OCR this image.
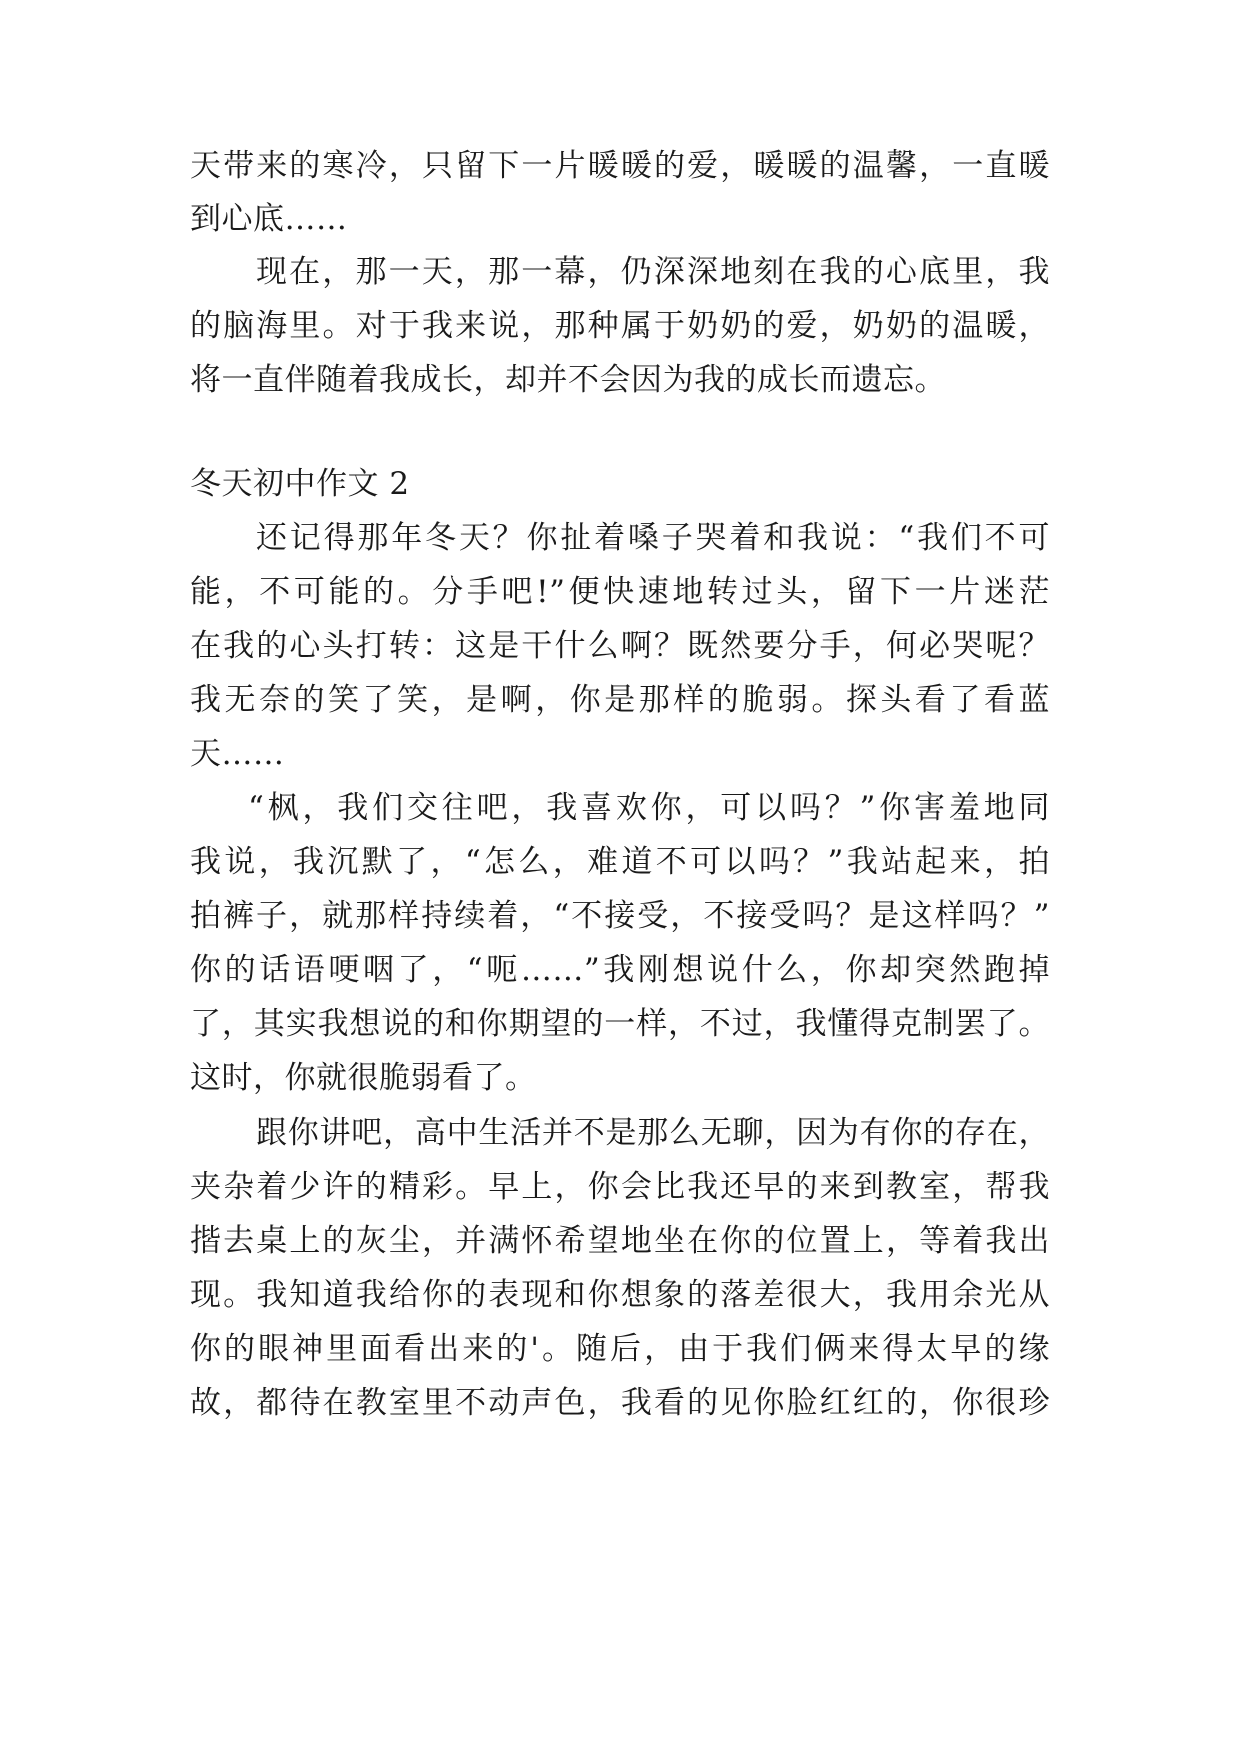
天带来的寒冷，只留下一片暖暖的爱，暖暖的温馨，一直暖
到心底……
现在，那一天，那一幕，仍深深地刻在我的心底里，我
的脑海里。对于我来说，那种属于奶奶的爱，奶奶的温暖，
将一直伴随着我成长，却并不会因为我的成长而遗忘。
冬天初中作文 2
还记得那年冬天？你扯着嗓子哭着和我说：“我们不可
能，不可能的。分手吧!”便快速地转过头，留下一片迷茫
在我的心头打转：这是干什么啊？既然要分手，何必哭呢？
我无奈的笑了笑，是啊，你是那样的脆弱。探头看了看蓝
天……
“枫，我们交往吧，我喜欢你，可以吗？”你害羞地同
我说，我沉默了，“怎么，难道不可以吗？”我站起来，拍
拍裤子，就那样持续着，“不接受，不接受吗？是这样吗？”
你的话语哽咽了，“呃……”我刚想说什么，你却突然跑掉
了，其实我想说的和你期望的一样，不过，我懂得克制罢了。
这时，你就很脆弱看了。
跟你讲吧，高中生活并不是那么无聊，因为有你的存在，
夹杂着少许的精彩。早上，你会比我还早的来到教室，帮我
揩去桌上的灰尘，并满怀希望地坐在你的位置上，等着我出
现。我知道我给你的表现和你想象的落差很大，我用余光从
你的眼神里面看出来的'。随后，由于我们俩来得太早的缘
故，都待在教室里不动声色，我看的见你脸红红的，你很珍
